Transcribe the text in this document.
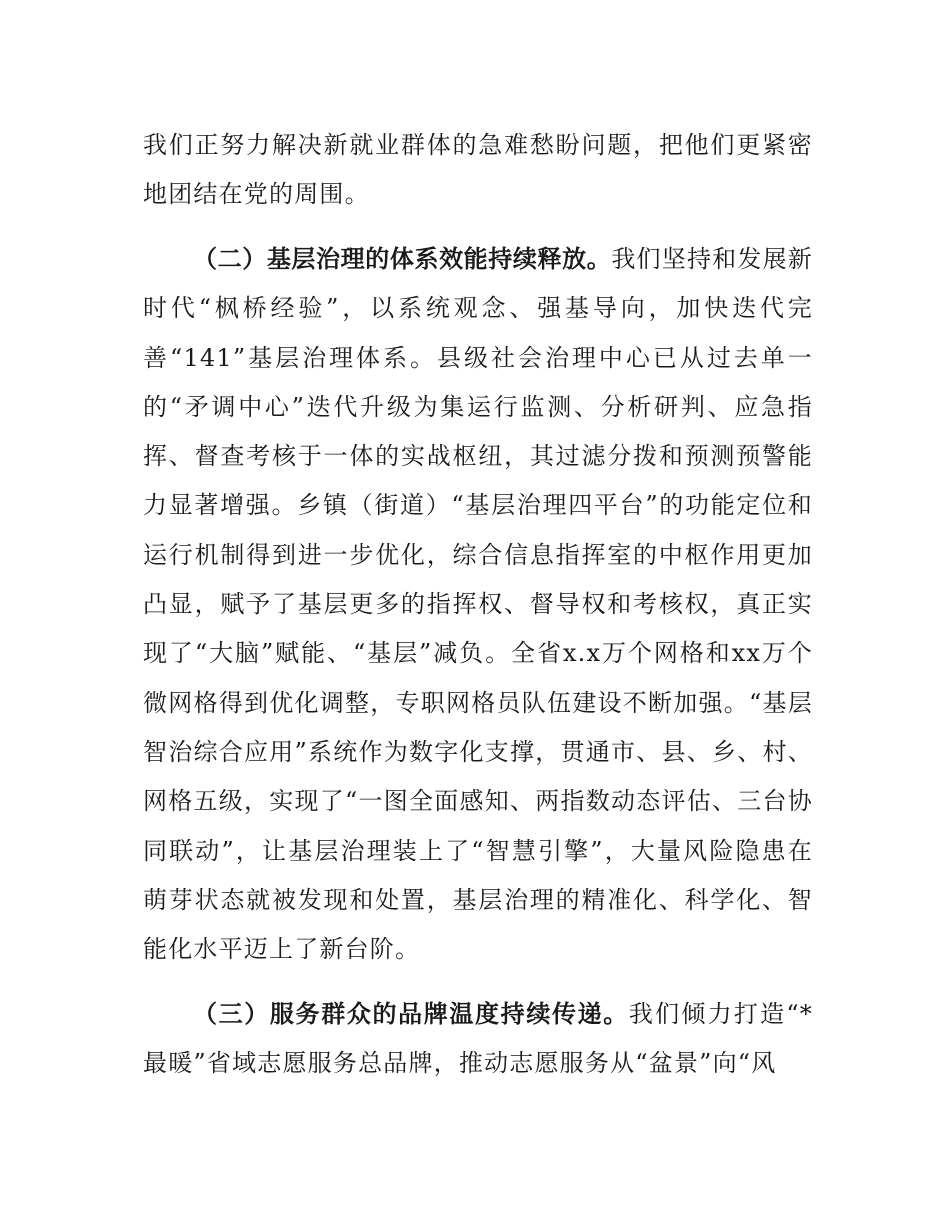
我们正努力解决新就业群体的急难愁盼问题，把他们更紧密地团结在党的周围。

（二）基层治理的体系效能持续释放。我们坚持和发展新时代“枫桥经验”，以系统观念、强基导向，加快迭代完善“141”基层治理体系。县级社会治理中心已从过去单一的“矛调中心”迭代升级为集运行监测、分析研判、应急指挥、督查考核于一体的实战枢纽，其过滤分拨和预测预警能力显著增强。乡镇（街道）“基层治理四平台”的功能定位和运行机制得到进一步优化，综合信息指挥室的中枢作用更加凸显，赋予了基层更多的指挥权、督导权和考核权，真正实现了“大脑”赋能、“基层”减负。全省x.x万个网格和xx万个微网格得到优化调整，专职网格员队伍建设不断加强。“基层智治综合应用”系统作为数字化支撑，贯通市、县、乡、村、网格五级，实现了“一图全面感知、两指数动态评估、三台协同联动”，让基层治理装上了“智慧引擎”，大量风险隐患在萌芽状态就被发现和处置，基层治理的精准化、科学化、智能化水平迈上了新台阶。

（三）服务群众的品牌温度持续传递。我们倾力打造“*最暖”省域志愿服务总品牌，推动志愿服务从“盆景”向“风
